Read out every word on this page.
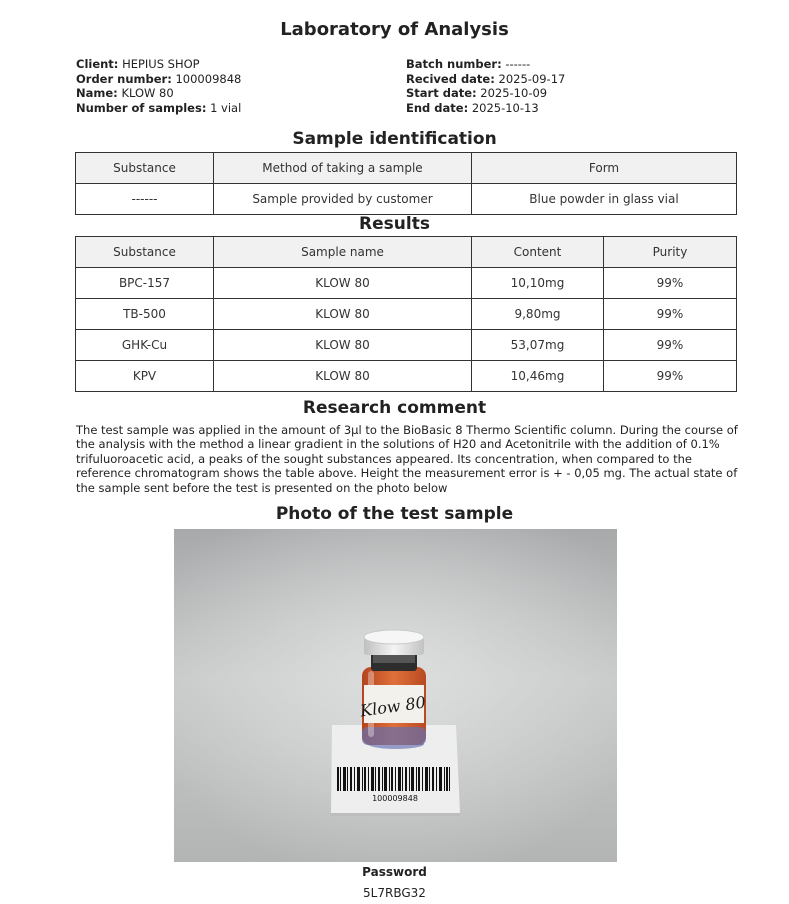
Laboratory of Analysis
Client: HEPIUS SHOP
Order number: 100009848
Name: KLOW 80
Number of samples: 1 vial
Batch number: ------
Recived date: 2025-09-17
Start date: 2025-10-09
End date: 2025-10-13
Sample identification
Substance	Method of taking a sample	Form
------	Sample provided by customer	Blue powder in glass vial
Results
Substance	Sample name	Content	Purity
BPC-157	KLOW 80	10,10mg	99%
TB-500	KLOW 80	9,80mg	99%
GHK-Cu	KLOW 80	53,07mg	99%
KPV	KLOW 80	10,46mg	99%
Research comment
The test sample was applied in the amount of 3µl to the BioBasic 8 Thermo Scientific column. During the course of the analysis with the method a linear gradient in the solutions of H20 and Acetonitrile with the addition of 0.1% trifuluoroacetic acid, a peaks of the sought substances appeared. Its concentration, when compared to the reference chromatogram shows the table above. Height the measurement error is + - 0,05 mg. The actual state of the sample sent before the test is presented on the photo below
Photo of the test sample
100009848
Klow 80
Password
5L7RBG32
